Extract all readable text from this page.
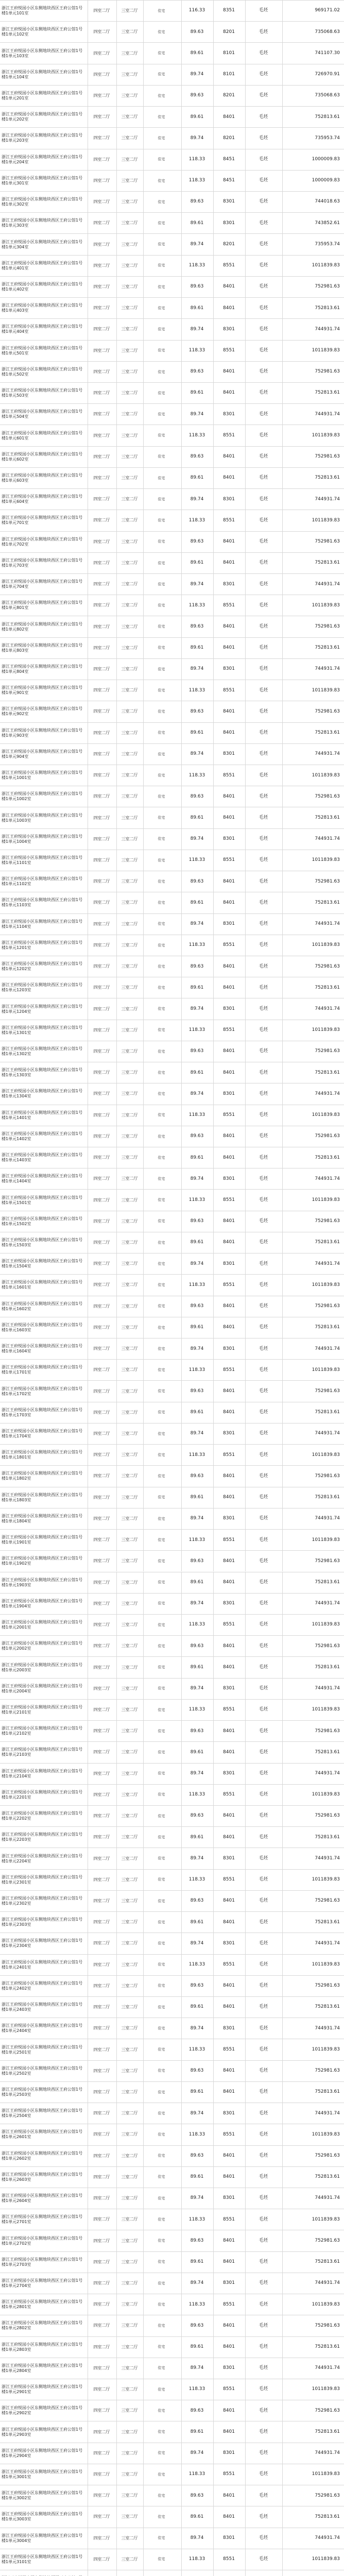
浙江王府悦园小区东侧地块西区王府公馆1号楼1单元101室
四室二厅	三室二厅	住宅	116.33	8351	毛坯	969171.02
浙江王府悦园小区东侧地块西区王府公馆1号楼1单元102室
四室二厅	三室二厅	住宅	89.63	8201	毛坯	735068.63
浙江王府悦园小区东侧地块西区王府公馆1号楼1单元103室
四室二厅	三室二厅	住宅	89.61	8101	毛坯	741107.30
浙江王府悦园小区东侧地块西区王府公馆1号楼1单元104室
四室二厅	三室二厅	住宅	89.74	8101	毛坯	726970.91
浙江王府悦园小区东侧地块西区王府公馆1号楼1单元201室
四室二厅	三室二厅	住宅	89.63	8201	毛坯	735068.63
浙江王府悦园小区东侧地块西区王府公馆1号楼1单元202室
四室二厅	三室二厅	住宅	89.61	8401	毛坯	752813.61
浙江王府悦园小区东侧地块西区王府公馆1号楼1单元203室
四室二厅	三室二厅	住宅	89.74	8201	毛坯	735953.74
浙江王府悦园小区东侧地块西区王府公馆1号楼1单元204室
四室二厅	三室二厅	住宅	118.33	8451	毛坯	1000009.83
浙江王府悦园小区东侧地块西区王府公馆1号楼1单元301室
四室二厅	三室二厅	住宅	118.33	8451	毛坯	1000009.83
浙江王府悦园小区东侧地块西区王府公馆1号楼1单元302室
四室二厅	三室二厅	住宅	89.63	8301	毛坯	744018.63
浙江王府悦园小区东侧地块西区王府公馆1号楼1单元303室
四室二厅	三室二厅	住宅	89.61	8301	毛坯	743852.61
浙江王府悦园小区东侧地块西区王府公馆1号楼1单元304室
四室二厅	三室二厅	住宅	89.74	8201	毛坯	735953.74
浙江王府悦园小区东侧地块西区王府公馆1号楼1单元401室
四室二厅	三室二厅	住宅	118.33	8551	毛坯	1011839.83
浙江王府悦园小区东侧地块西区王府公馆1号楼1单元402室
四室二厅	三室二厅	住宅	89.63	8401	毛坯	752981.63
浙江王府悦园小区东侧地块西区王府公馆1号楼1单元403室
四室二厅	三室二厅	住宅	89.61	8401	毛坯	752813.61
浙江王府悦园小区东侧地块西区王府公馆1号楼1单元404室
四室二厅	三室二厅	住宅	89.74	8301	毛坯	744931.74
浙江王府悦园小区东侧地块西区王府公馆1号楼1单元501室
四室二厅	三室二厅	住宅	118.33	8551	毛坯	1011839.83
浙江王府悦园小区东侧地块西区王府公馆1号楼1单元502室
四室二厅	三室二厅	住宅	89.63	8401	毛坯	752981.63
浙江王府悦园小区东侧地块西区王府公馆1号楼1单元503室
四室二厅	三室二厅	住宅	89.61	8401	毛坯	752813.61
浙江王府悦园小区东侧地块西区王府公馆1号楼1单元504室
四室二厅	三室二厅	住宅	89.74	8301	毛坯	744931.74
浙江王府悦园小区东侧地块西区王府公馆1号楼1单元601室
四室二厅	三室二厅	住宅	118.33	8551	毛坯	1011839.83
浙江王府悦园小区东侧地块西区王府公馆1号楼1单元602室
四室二厅	三室二厅	住宅	89.63	8401	毛坯	752981.63
浙江王府悦园小区东侧地块西区王府公馆1号楼1单元603室
四室二厅	三室二厅	住宅	89.61	8401	毛坯	752813.61
浙江王府悦园小区东侧地块西区王府公馆1号楼1单元604室
四室二厅	三室二厅	住宅	89.74	8301	毛坯	744931.74
浙江王府悦园小区东侧地块西区王府公馆1号楼1单元701室
四室二厅	三室二厅	住宅	118.33	8551	毛坯	1011839.83
浙江王府悦园小区东侧地块西区王府公馆1号楼1单元702室
四室二厅	三室二厅	住宅	89.63	8401	毛坯	752981.63
浙江王府悦园小区东侧地块西区王府公馆1号楼1单元703室
四室二厅	三室二厅	住宅	89.61	8401	毛坯	752813.61
浙江王府悦园小区东侧地块西区王府公馆1号楼1单元704室
四室二厅	三室二厅	住宅	89.74	8301	毛坯	744931.74
浙江王府悦园小区东侧地块西区王府公馆1号楼1单元801室
四室二厅	三室二厅	住宅	118.33	8551	毛坯	1011839.83
浙江王府悦园小区东侧地块西区王府公馆1号楼1单元802室
四室二厅	三室二厅	住宅	89.63	8401	毛坯	752981.63
浙江王府悦园小区东侧地块西区王府公馆1号楼1单元803室
四室二厅	三室二厅	住宅	89.61	8401	毛坯	752813.61
浙江王府悦园小区东侧地块西区王府公馆1号楼1单元804室
四室二厅	三室二厅	住宅	89.74	8301	毛坯	744931.74
浙江王府悦园小区东侧地块西区王府公馆1号楼1单元901室
四室二厅	三室二厅	住宅	118.33	8551	毛坯	1011839.83
浙江王府悦园小区东侧地块西区王府公馆1号楼1单元902室
四室二厅	三室二厅	住宅	89.63	8401	毛坯	752981.63
浙江王府悦园小区东侧地块西区王府公馆1号楼1单元903室
四室二厅	三室二厅	住宅	89.61	8401	毛坯	752813.61
浙江王府悦园小区东侧地块西区王府公馆1号楼1单元904室
四室二厅	三室二厅	住宅	89.74	8301	毛坯	744931.74
浙江王府悦园小区东侧地块西区王府公馆1号楼1单元1001室
四室二厅	三室二厅	住宅	118.33	8551	毛坯	1011839.83
浙江王府悦园小区东侧地块西区王府公馆1号楼1单元1002室
四室二厅	三室二厅	住宅	89.63	8401	毛坯	752981.63
浙江王府悦园小区东侧地块西区王府公馆1号楼1单元1003室
四室二厅	三室二厅	住宅	89.61	8401	毛坯	752813.61
浙江王府悦园小区东侧地块西区王府公馆1号楼1单元1004室
四室二厅	三室二厅	住宅	89.74	8301	毛坯	744931.74
浙江王府悦园小区东侧地块西区王府公馆1号楼1单元1101室
四室二厅	三室二厅	住宅	118.33	8551	毛坯	1011839.83
浙江王府悦园小区东侧地块西区王府公馆1号楼1单元1102室
四室二厅	三室二厅	住宅	89.63	8401	毛坯	752981.63
浙江王府悦园小区东侧地块西区王府公馆1号楼1单元1103室
四室二厅	三室二厅	住宅	89.61	8401	毛坯	752813.61
浙江王府悦园小区东侧地块西区王府公馆1号楼1单元1104室
四室二厅	三室二厅	住宅	89.74	8301	毛坯	744931.74
浙江王府悦园小区东侧地块西区王府公馆1号楼1单元1201室
四室二厅	三室二厅	住宅	118.33	8551	毛坯	1011839.83
浙江王府悦园小区东侧地块西区王府公馆1号楼1单元1202室
四室二厅	三室二厅	住宅	89.63	8401	毛坯	752981.63
浙江王府悦园小区东侧地块西区王府公馆1号楼1单元1203室
四室二厅	三室二厅	住宅	89.61	8401	毛坯	752813.61
浙江王府悦园小区东侧地块西区王府公馆1号楼1单元1204室
四室二厅	三室二厅	住宅	89.74	8301	毛坯	744931.74
浙江王府悦园小区东侧地块西区王府公馆1号楼1单元1301室
四室二厅	三室二厅	住宅	118.33	8551	毛坯	1011839.83
浙江王府悦园小区东侧地块西区王府公馆1号楼1单元1302室
四室二厅	三室二厅	住宅	89.63	8401	毛坯	752981.63
浙江王府悦园小区东侧地块西区王府公馆1号楼1单元1303室
四室二厅	三室二厅	住宅	89.61	8401	毛坯	752813.61
浙江王府悦园小区东侧地块西区王府公馆1号楼1单元1304室
四室二厅	三室二厅	住宅	89.74	8301	毛坯	744931.74
浙江王府悦园小区东侧地块西区王府公馆1号楼1单元1401室
四室二厅	三室二厅	住宅	118.33	8551	毛坯	1011839.83
浙江王府悦园小区东侧地块西区王府公馆1号楼1单元1402室
四室二厅	三室二厅	住宅	89.63	8401	毛坯	752981.63
浙江王府悦园小区东侧地块西区王府公馆1号楼1单元1403室
四室二厅	三室二厅	住宅	89.61	8401	毛坯	752813.61
浙江王府悦园小区东侧地块西区王府公馆1号楼1单元1404室
四室二厅	三室二厅	住宅	89.74	8301	毛坯	744931.74
浙江王府悦园小区东侧地块西区王府公馆1号楼1单元1501室
四室二厅	三室二厅	住宅	118.33	8551	毛坯	1011839.83
浙江王府悦园小区东侧地块西区王府公馆1号楼1单元1502室
四室二厅	三室二厅	住宅	89.63	8401	毛坯	752981.63
浙江王府悦园小区东侧地块西区王府公馆1号楼1单元1503室
四室二厅	三室二厅	住宅	89.61	8401	毛坯	752813.61
浙江王府悦园小区东侧地块西区王府公馆1号楼1单元1504室
四室二厅	三室二厅	住宅	89.74	8301	毛坯	744931.74
浙江王府悦园小区东侧地块西区王府公馆1号楼1单元1601室
四室二厅	三室二厅	住宅	118.33	8551	毛坯	1011839.83
浙江王府悦园小区东侧地块西区王府公馆1号楼1单元1602室
四室二厅	三室二厅	住宅	89.63	8401	毛坯	752981.63
浙江王府悦园小区东侧地块西区王府公馆1号楼1单元1603室
四室二厅	三室二厅	住宅	89.61	8401	毛坯	752813.61
浙江王府悦园小区东侧地块西区王府公馆1号楼1单元1604室
四室二厅	三室二厅	住宅	89.74	8301	毛坯	744931.74
浙江王府悦园小区东侧地块西区王府公馆1号楼1单元1701室
四室二厅	三室二厅	住宅	118.33	8551	毛坯	1011839.83
浙江王府悦园小区东侧地块西区王府公馆1号楼1单元1702室
四室二厅	三室二厅	住宅	89.63	8401	毛坯	752981.63
浙江王府悦园小区东侧地块西区王府公馆1号楼1单元1703室
四室二厅	三室二厅	住宅	89.61	8401	毛坯	752813.61
浙江王府悦园小区东侧地块西区王府公馆1号楼1单元1704室
四室二厅	三室二厅	住宅	89.74	8301	毛坯	744931.74
浙江王府悦园小区东侧地块西区王府公馆1号楼1单元1801室
四室二厅	三室二厅	住宅	118.33	8551	毛坯	1011839.83
浙江王府悦园小区东侧地块西区王府公馆1号楼1单元1802室
四室二厅	三室二厅	住宅	89.63	8401	毛坯	752981.63
浙江王府悦园小区东侧地块西区王府公馆1号楼1单元1803室
四室二厅	三室二厅	住宅	89.61	8401	毛坯	752813.61
浙江王府悦园小区东侧地块西区王府公馆1号楼1单元1804室
四室二厅	三室二厅	住宅	89.74	8301	毛坯	744931.74
浙江王府悦园小区东侧地块西区王府公馆1号楼1单元1901室
四室二厅	三室二厅	住宅	118.33	8551	毛坯	1011839.83
浙江王府悦园小区东侧地块西区王府公馆1号楼1单元1902室
四室二厅	三室二厅	住宅	89.63	8401	毛坯	752981.63
浙江王府悦园小区东侧地块西区王府公馆1号楼1单元1903室
四室二厅	三室二厅	住宅	89.61	8401	毛坯	752813.61
浙江王府悦园小区东侧地块西区王府公馆1号楼1单元1904室
四室二厅	三室二厅	住宅	89.74	8301	毛坯	744931.74
浙江王府悦园小区东侧地块西区王府公馆1号楼1单元2001室
四室二厅	三室二厅	住宅	118.33	8551	毛坯	1011839.83
浙江王府悦园小区东侧地块西区王府公馆1号楼1单元2002室
四室二厅	三室二厅	住宅	89.63	8401	毛坯	752981.63
浙江王府悦园小区东侧地块西区王府公馆1号楼1单元2003室
四室二厅	三室二厅	住宅	89.61	8401	毛坯	752813.61
浙江王府悦园小区东侧地块西区王府公馆1号楼1单元2004室
四室二厅	三室二厅	住宅	89.74	8301	毛坯	744931.74
浙江王府悦园小区东侧地块西区王府公馆1号楼1单元2101室
四室二厅	三室二厅	住宅	118.33	8551	毛坯	1011839.83
浙江王府悦园小区东侧地块西区王府公馆1号楼1单元2102室
四室二厅	三室二厅	住宅	89.63	8401	毛坯	752981.63
浙江王府悦园小区东侧地块西区王府公馆1号楼1单元2103室
四室二厅	三室二厅	住宅	89.61	8401	毛坯	752813.61
浙江王府悦园小区东侧地块西区王府公馆1号楼1单元2104室
四室二厅	三室二厅	住宅	89.74	8301	毛坯	744931.74
浙江王府悦园小区东侧地块西区王府公馆1号楼1单元2201室
四室二厅	三室二厅	住宅	118.33	8551	毛坯	1011839.83
浙江王府悦园小区东侧地块西区王府公馆1号楼1单元2202室
四室二厅	三室二厅	住宅	89.63	8401	毛坯	752981.63
浙江王府悦园小区东侧地块西区王府公馆1号楼1单元2203室
四室二厅	三室二厅	住宅	89.61	8401	毛坯	752813.61
浙江王府悦园小区东侧地块西区王府公馆1号楼1单元2204室
四室二厅	三室二厅	住宅	89.74	8301	毛坯	744931.74
浙江王府悦园小区东侧地块西区王府公馆1号楼1单元2301室
四室二厅	三室二厅	住宅	118.33	8551	毛坯	1011839.83
浙江王府悦园小区东侧地块西区王府公馆1号楼1单元2302室
四室二厅	三室二厅	住宅	89.63	8401	毛坯	752981.63
浙江王府悦园小区东侧地块西区王府公馆1号楼1单元2303室
四室二厅	三室二厅	住宅	89.61	8401	毛坯	752813.61
浙江王府悦园小区东侧地块西区王府公馆1号楼1单元2304室
四室二厅	三室二厅	住宅	89.74	8301	毛坯	744931.74
浙江王府悦园小区东侧地块西区王府公馆1号楼1单元2401室
四室二厅	三室二厅	住宅	118.33	8551	毛坯	1011839.83
浙江王府悦园小区东侧地块西区王府公馆1号楼1单元2402室
四室二厅	三室二厅	住宅	89.63	8401	毛坯	752981.63
浙江王府悦园小区东侧地块西区王府公馆1号楼1单元2403室
四室二厅	三室二厅	住宅	89.61	8401	毛坯	752813.61
浙江王府悦园小区东侧地块西区王府公馆1号楼1单元2404室
四室二厅	三室二厅	住宅	89.74	8301	毛坯	744931.74
浙江王府悦园小区东侧地块西区王府公馆1号楼1单元2501室
四室二厅	三室二厅	住宅	118.33	8551	毛坯	1011839.83
浙江王府悦园小区东侧地块西区王府公馆1号楼1单元2502室
四室二厅	三室二厅	住宅	89.63	8401	毛坯	752981.63
浙江王府悦园小区东侧地块西区王府公馆1号楼1单元2503室
四室二厅	三室二厅	住宅	89.61	8401	毛坯	752813.61
浙江王府悦园小区东侧地块西区王府公馆1号楼1单元2504室
四室二厅	三室二厅	住宅	89.74	8301	毛坯	744931.74
浙江王府悦园小区东侧地块西区王府公馆1号楼1单元2601室
四室二厅	三室二厅	住宅	118.33	8551	毛坯	1011839.83
浙江王府悦园小区东侧地块西区王府公馆1号楼1单元2602室
四室二厅	三室二厅	住宅	89.63	8401	毛坯	752981.63
浙江王府悦园小区东侧地块西区王府公馆1号楼1单元2603室
四室二厅	三室二厅	住宅	89.61	8401	毛坯	752813.61
浙江王府悦园小区东侧地块西区王府公馆1号楼1单元2604室
四室二厅	三室二厅	住宅	89.74	8301	毛坯	744931.74
浙江王府悦园小区东侧地块西区王府公馆1号楼1单元2701室
四室二厅	三室二厅	住宅	118.33	8551	毛坯	1011839.83
浙江王府悦园小区东侧地块西区王府公馆1号楼1单元2702室
四室二厅	三室二厅	住宅	89.63	8401	毛坯	752981.63
浙江王府悦园小区东侧地块西区王府公馆1号楼1单元2703室
四室二厅	三室二厅	住宅	89.61	8401	毛坯	752813.61
浙江王府悦园小区东侧地块西区王府公馆1号楼1单元2704室
四室二厅	三室二厅	住宅	89.74	8301	毛坯	744931.74
浙江王府悦园小区东侧地块西区王府公馆1号楼1单元2801室
四室二厅	三室二厅	住宅	118.33	8551	毛坯	1011839.83
浙江王府悦园小区东侧地块西区王府公馆1号楼1单元2802室
四室二厅	三室二厅	住宅	89.63	8401	毛坯	752981.63
浙江王府悦园小区东侧地块西区王府公馆1号楼1单元2803室
四室二厅	三室二厅	住宅	89.61	8401	毛坯	752813.61
浙江王府悦园小区东侧地块西区王府公馆1号楼1单元2804室
四室二厅	三室二厅	住宅	89.74	8301	毛坯	744931.74
浙江王府悦园小区东侧地块西区王府公馆1号楼1单元2901室
四室二厅	三室二厅	住宅	118.33	8551	毛坯	1011839.83
浙江王府悦园小区东侧地块西区王府公馆1号楼1单元2902室
四室二厅	三室二厅	住宅	89.63	8401	毛坯	752981.63
浙江王府悦园小区东侧地块西区王府公馆1号楼1单元2903室
四室二厅	三室二厅	住宅	89.61	8401	毛坯	752813.61
浙江王府悦园小区东侧地块西区王府公馆1号楼1单元2904室
四室二厅	三室二厅	住宅	89.74	8301	毛坯	744931.74
浙江王府悦园小区东侧地块西区王府公馆1号楼1单元3001室
四室二厅	三室二厅	住宅	118.33	8551	毛坯	1011839.83
浙江王府悦园小区东侧地块西区王府公馆1号楼1单元3002室
四室二厅	三室二厅	住宅	89.63	8401	毛坯	752981.63
浙江王府悦园小区东侧地块西区王府公馆1号楼1单元3003室
四室二厅	三室二厅	住宅	89.61	8401	毛坯	752813.61
浙江王府悦园小区东侧地块西区王府公馆1号楼1单元3004室
四室二厅	三室二厅	住宅	89.74	8301	毛坯	744931.74
浙江王府悦园小区东侧地块西区王府公馆1号楼1单元3101室
四室二厅	三室二厅	住宅	118.33	8551	毛坯	1011839.83
